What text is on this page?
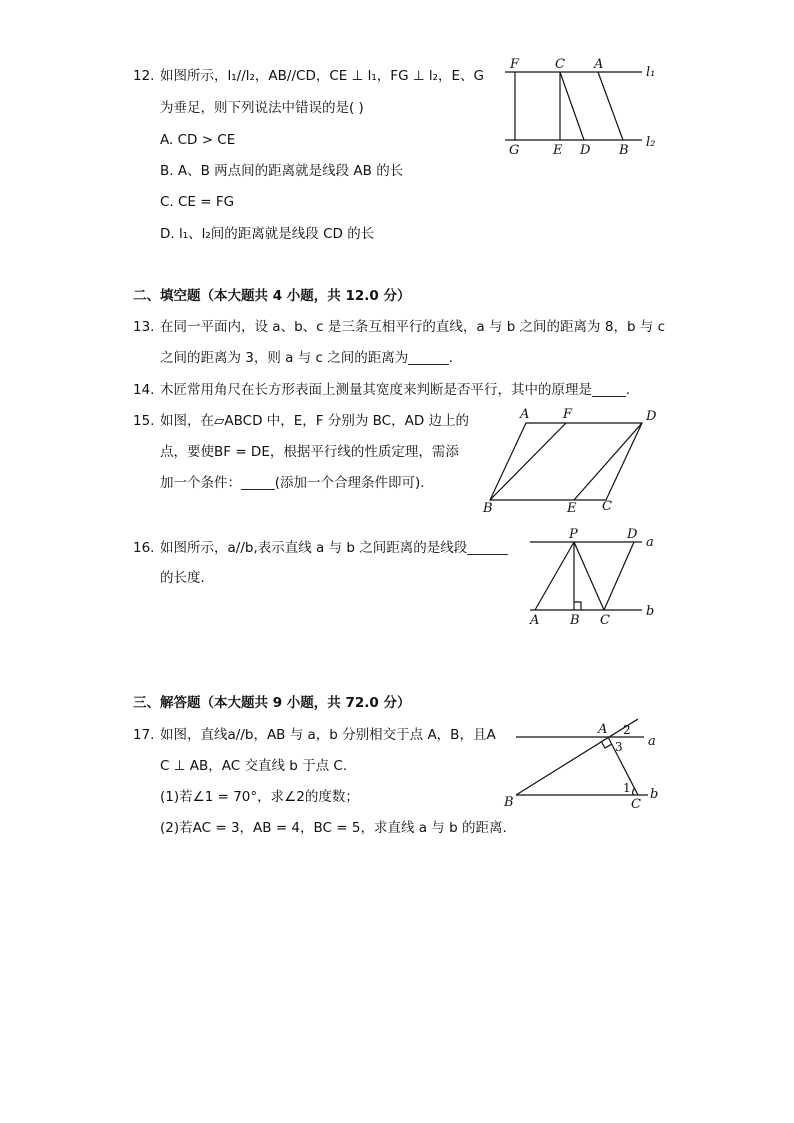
12. 如图所示，l₁//l₂，AB//CD，CE ⊥ l₁，FG ⊥ l₂，E、G
为垂足，则下列说法中错误的是( )
A. CD > CE
B. A、B 两点间的距离就是线段 AB 的长
C. CE = FG
D. l₁、l₂间的距离就是线段 CD 的长
F	C A
l₁
G	E D B
l₂
二、填空题（本大题共 4 小题，共 12.0 分）
13. 在同一平面内，设 a、b、c 是三条互相平行的直线，a 与 b 之间的距离为 8，b 与 c
之间的距离为 3，则 a 与 c 之间的距离为______.
14. 木匠常用角尺在长方形表面上测量其宽度来判断是否平行，其中的原理是_____.
15. 如图，在▱ABCD 中，E，F 分别为 BC，AD 边上的
点，要使BF = DE，根据平行线的性质定理，需添
加一个条件：_____(添加一个合理条件即可).
A	F	D
B	E C
16. 如图所示，a//b,表示直线 a 与 b 之间距离的是线段______
的长度.
P	D
a
A B C
b
三、解答题（本大题共 9 小题，共 72.0 分）
17. 如图，直线a//b，AB 与 a，b 分别相交于点 A，B，且A
C ⊥ AB，AC 交直线 b 于点 C.
(1)若∠1 = 70°，求∠2的度数；
(2)若AC = 3，AB = 4，BC = 5，求直线 a 与 b 的距离.
A 2
a
3
1 b
B	C
